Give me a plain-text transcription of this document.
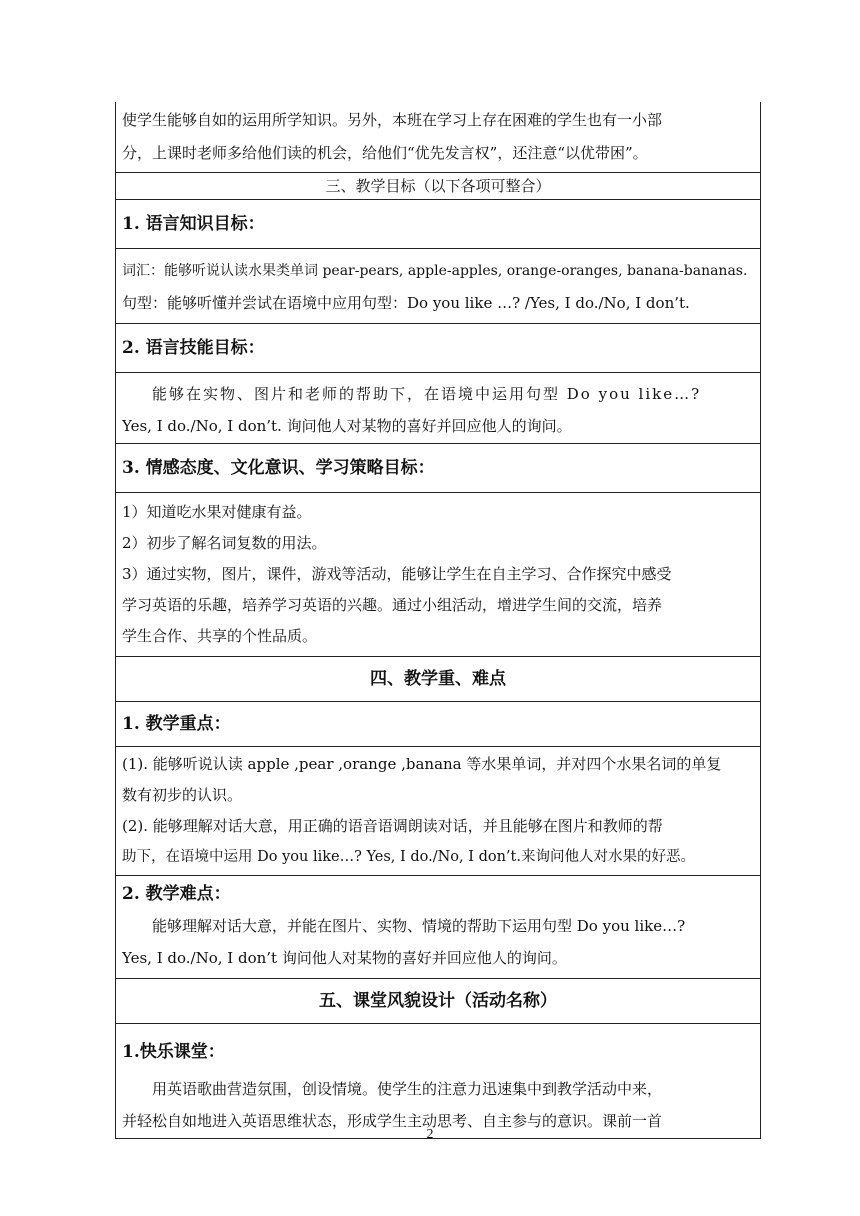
使学生能够自如的运用所学知识。另外，本班在学习上存在困难的学生也有一小部

分，上课时老师多给他们读的机会，给他们“优先发言权”，还注意“以优带困”。

三、教学目标（以下各项可整合）

1. 语言知识目标：

词汇：能够听说认读水果类单词 pear-pears, apple-apples, orange-oranges, banana-bananas.

句型：能够听懂并尝试在语境中应用句型：Do you like …? /Yes, I do./No, I don’t.

2. 语言技能目标：

能够在实物、图片和老师的帮助下，在语境中运用句型 Do you like…?

Yes, I do./No, I don’t. 询问他人对某物的喜好并回应他人的询问。

3. 情感态度、文化意识、学习策略目标：

1）知道吃水果对健康有益。

2）初步了解名词复数的用法。

3）通过实物，图片，课件，游戏等活动，能够让学生在自主学习、合作探究中感受

学习英语的乐趣，培养学习英语的兴趣。通过小组活动，增进学生间的交流，培养

学生合作、共享的个性品质。

四、教学重、难点

1. 教学重点：

(1). 能够听说认读 apple ,pear ,orange ,banana 等水果单词，并对四个水果名词的单复

数有初步的认识。

(2). 能够理解对话大意，用正确的语音语调朗读对话，并且能够在图片和教师的帮

助下，在语境中运用 Do you like…? Yes, I do./No, I don’t.来询问他人对水果的好恶。

2. 教学难点：

能够理解对话大意，并能在图片、实物、情境的帮助下运用句型 Do you like…?

Yes, I do./No, I don’t 询问他人对某物的喜好并回应他人的询问。

五、课堂风貌设计（活动名称）

1.快乐课堂：

用英语歌曲营造氛围，创设情境。使学生的注意力迅速集中到教学活动中来，

并轻松自如地进入英语思维状态，形成学生主动思考、自主参与的意识。课前一首

2
